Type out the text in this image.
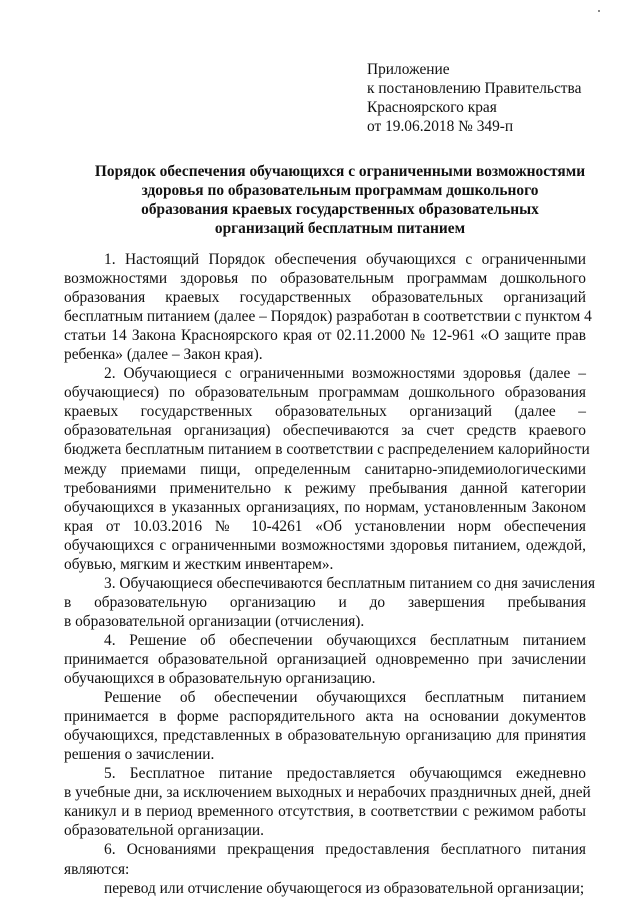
Приложение
к постановлению Правительства
Красноярского края
от 19.06.2018 № 349-п
Порядок обеспечения обучающихся с ограниченными возможностями
здоровья по образовательным программам дошкольного
образования краевых государственных образовательных
организаций бесплатным питанием
1. Настоящий Порядок обеспечения обучающихся с ограниченными
возможностями здоровья по образовательным программам дошкольного
образования краевых государственных образовательных организаций
бесплатным питанием (далее – Порядок) разработан в соответствии с пунктом 4
статьи 14 Закона Красноярского края от 02.11.2000 № 12-961 «О защите прав
ребенка» (далее – Закон края).
2. Обучающиеся с ограниченными возможностями здоровья (далее –
обучающиеся) по образовательным программам дошкольного образования
краевых государственных образовательных организаций (далее –
образовательная организация) обеспечиваются за счет средств краевого
бюджета бесплатным питанием в соответствии с распределением калорийности
между приемами пищи, определенным санитарно-эпидемиологическими
требованиями применительно к режиму пребывания данной категории
обучающихся в указанных организациях, по нормам, установленным Законом
края от 10.03.2016 № 10-4261 «Об установлении норм обеспечения
обучающихся с ограниченными возможностями здоровья питанием, одеждой,
обувью, мягким и жестким инвентарем».
3. Обучающиеся обеспечиваются бесплатным питанием со дня зачисления
в образовательную организацию и до завершения пребывания
в образовательной организации (отчисления).
4. Решение об обеспечении обучающихся бесплатным питанием
принимается образовательной организацией одновременно при зачислении
обучающихся в образовательную организацию.
Решение об обеспечении обучающихся бесплатным питанием
принимается в форме распорядительного акта на основании документов
обучающихся, представленных в образовательную организацию для принятия
решения о зачислении.
5. Бесплатное питание предоставляется обучающимся ежедневно
в учебные дни, за исключением выходных и нерабочих праздничных дней, дней
каникул и в период временного отсутствия, в соответствии с режимом работы
образовательной организации.
6. Основаниями прекращения предоставления бесплатного питания
являются:
перевод или отчисление обучающегося из образовательной организации;
